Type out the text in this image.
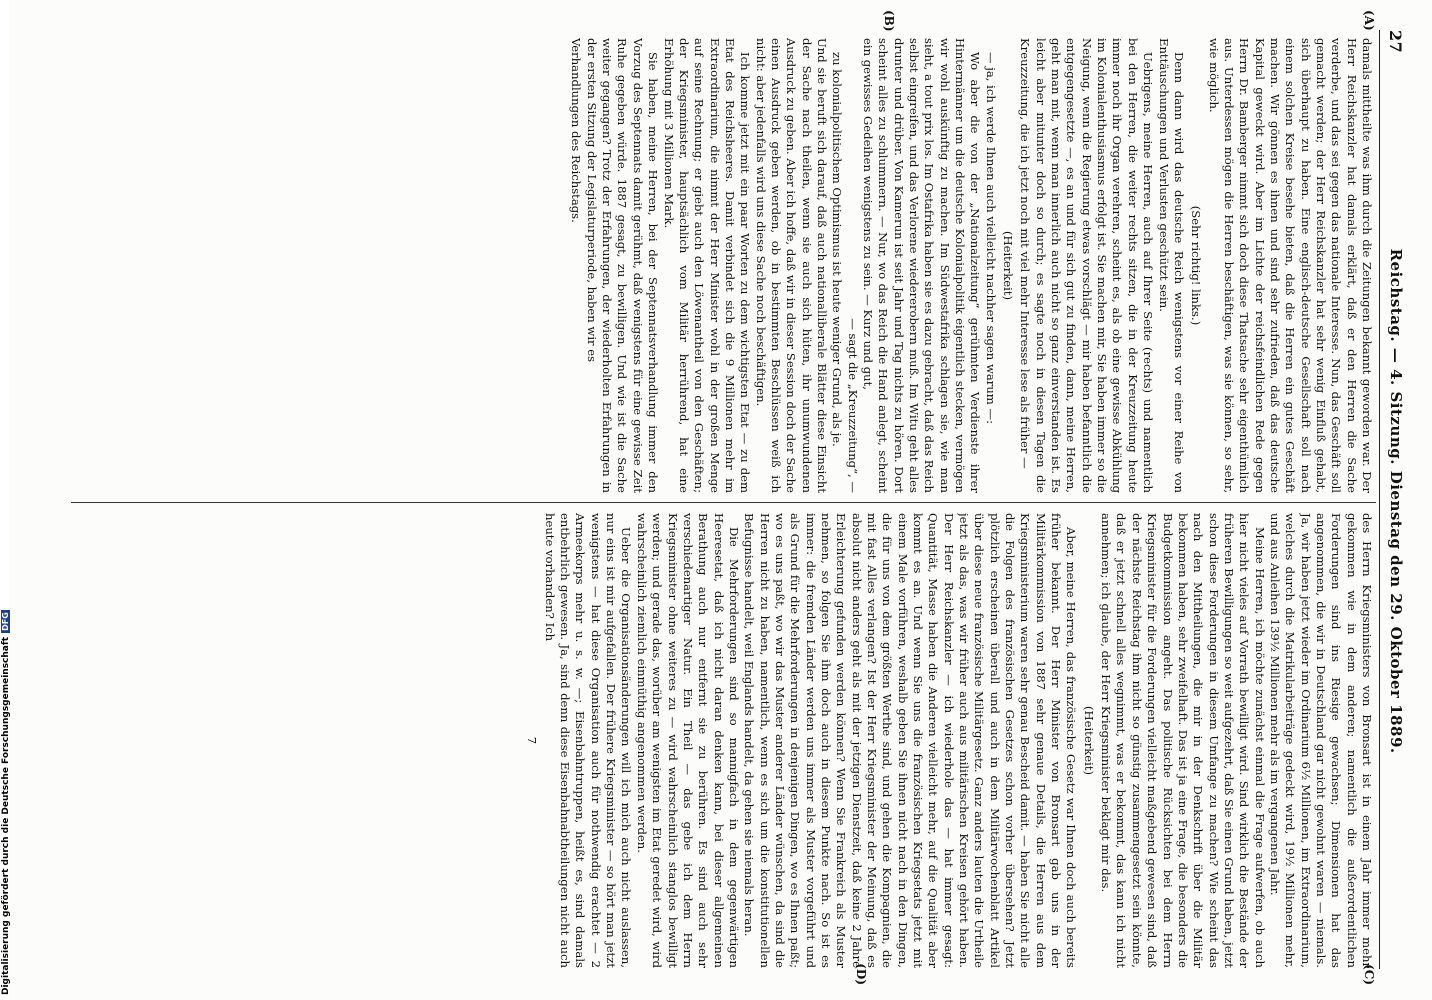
27
Reichstag. — 4. Sitzung. Dienstag den 29. Oktober 1889.
(C)
(D)
(A)
(B)

damals mittheilte was ihm durch die Zeitungen bekannt geworden war. Der Herr Reichskanzler hat damals erklärt, daß er den Herren die Sache verderbe, und das sei gegen das nationale Interesse. Nun, das Geschäft soll gemacht werden; der Herr Reichskanzler hat sehr wenig Einfluß gehabt, sich überhaupt zu haben. Eine englisch-deutsche Gesellschaft soll nach einem solchen Kreise besehe bieten, daß die Herren ein gutes Geschäft machen. Wir gönnen es ihnen und sind sehr zufrieden, daß das deutsche Kapital geweckt wird. Aber im Lichte der reichsfeindlichen Rede gegen Herrn Dr. Bamberger nimmt sich doch diese Thatsache sehr eigenthümlich aus. Unterdessen mögen die Herren beschäftigen, was sie können, so sehr, wie möglich.

(Sehr richtig! links.)

Denn dann wird das deutsche Reich wenigstens vor einer Reihe von Enttäuschungen und Verlusten geschützt sein.

Uebrigens, meine Herren, auch auf Ihrer Seite (rechts) und namentlich bei den Herren, die weiter rechts sitzen, die in der Kreuzzeitung heute immer noch ihr Organ verehren, scheint es, als ob eine gewisse Abkühlung im Kolonialenthusiasmus erfolgt ist. Sie machen mir, Sie haben immer so die Neigung, wenn die Regierung etwas vorschlägt — mir haben befanntlich die entgegengesetzte —, es an und für sich gut zu finden, dann, meine Herren, geht man mit, wenn man innerlich auch nicht so ganz einverstanden ist. Es leicht aber mitunter doch so durch; es sagte noch in diesen Tagen die Kreuzzeitung, die ich jetzt noch mit viel mehr Interesse lese als früher —

(Heiterkeit)

— ja, ich werde Ihnen auch vielleicht nachher sagen warum —:

Wo aber die von der „Nationalzeitung“ gerühmten Verdienste ihrer Hintermänner um die deutsche Kolonialpolitik eigentlich stecken, vermögen wir wohl auskünftig zu machen. Im Südwestafrika schlagen sie, wie man sieht, a tout prix los. Im Ostafrika haben sie es dazu gebracht, daß das Reich selbst eingreifen, und das Verlorene wiedererobern muß. Im Witu geht alles drunter und drüber. Von Kamerun ist seit Jahr und Tag nichts zu hören. Dort scheint alles zu schlummern. — Nur, wo das Reich die Hand anlegt, scheint ein gewisses Gedeihen wenigstens zu sein. — Kurz und gut,

— sagt die „Kreuzzeitung“, —

zu kolonialpolitischem Optimismus ist heute weniger Grund, als je.

Und sie beruft sich darauf, daß auch nationalliberale Blätter diese Einsicht der Sache nach theilen, wenn sie auch sich hüten, ihr unumwundenen Ausdruck zu geben. Aber ich hoffe, daß wir in dieser Session doch der Sache einen Ausdruck geben werden, ob in bestimmten Beschlüssen weiß ich nicht: aber jedenfalls wird uns diese Sache noch beschäftigen.

Ich komme jetzt mit ein paar Worten zu dem wichtigsten Etat — zu dem Etat des Reichsheeres. Damit verbindet sich die 9 Millionen mehr im Extraordinarium, die nimmt der Herr Minister wohl in der großen Menge auf seine Rechnung; er giebt auch den Löwenantheil von den Geschäften; der Kriegsminister, hauptsächlich vom Militär herrührend, hat eine Erhöhung mit 3 Millionen Mark.

Sie haben, meine Herren, bei der Septennatsverhandlung immer den Vorzug des Septennats damit gerühmt, daß wenigstens für eine gewisse Zeit Ruhe gegeben würde. 1887 gesagt, zu bewilligen. Und wie ist die Sache weiter gegangen? Trotz der Erfahrungen, der wiederholten Erfahrungen in der ersten Sitzung der Legislaturperiode, haben wir es

Verhandlungen des Reichstags.

des Herrn Kriegsministers von Bronsart ist in einem Jahr immer mehr gekommen wie in dem anderen; namentlich die außerordentlichen Forderungen sind ins Riesige gewachsen; Dimensionen hat das angenommen, die wir in Deutschland gar nicht gewohnt waren — niemals. Ja, wir haben jetzt wieder im Ordinarium 6½ Millionen, im Extraordinarium, welches durch die Matrikularbeiträge gedeckt wird, 19½ Millionen mehr, und aus Anleihen 139½ Millionen mehr als im vergangenen Jahr.

Meine Herren, ich möchte zunächst einmal die Frage aufwerfen, ob auch hier nicht vieles auf Vorrath bewilligt wird. Sind wirklich die Bestände der früheren Bewilligungen so weit aufgezehrt, daß Sie einen Grund haben, jetzt schon diese Forderungen in diesem Umfange zu machen? Wie scheint das nach den Mittheilungen, die mir in der Denkschrift über die Militär bekommen haben, sehr zweifelhaft. Das ist ja eine Frage, die besonders die Budgetkommission angeht. Das politische Rücksichten bei dem Herrn Kriegsminister für die Forderungen vielleicht maßgebend gewesen sind, daß der nächste Reichstag ihm nicht so günstig zusammengesetzt sein könnte, daß er jetzt schnell alles wegnimmt, was er bekommt, das kann ich nicht annehmen; ich glaube, der Herr Kriegsminister beklagt mir das.

(Heiterkeit)

Aber, meine Herren, das französische Gesetz war Ihnen doch auch bereits früher bekannt. Der Herr Minister von Bronsart gab uns in der Militärkommission von 1887 sehr genaue Details, die Herren aus dem Kriegsministerium waren sehr genau Bescheid damit. — haben Sie nicht alle die Folgen des französischen Gesetzes schon vorher übersehen? Jetzt plötzlich erscheinen überall und auch in dem Militärwochenblatt Artikel über diese neue französische Militärgesetz. Ganz anders lauten die Urtheile jetzt als das, was wir früher auch aus militärischen Kreisen gehört haben. Der Herr Reichskanzler — ich wiederhole das — hat immer gesagt: Quantität, Masse haben die Anderen vielleicht mehr, auf die Qualität aber kommt es an. Und wenn Sie uns die französischen Kriegsetats jetzt mit einem Male vorführen, weshalb geben Sie ihnen nicht nach in den Dingen, die für uns von dem größten Werthe sind, und gehen die Kompagnien, die mit fast Alles verlangen? Ist der Herr Kriegsminister der Meinung, daß es absolut nicht anders geht als mit der jetzigen Dienstzeit, daß keine 2 Jahre Erleichterung gefunden werden können? Wenn Sie Frankreich als Muster nehmen, so folgen Sie ihm doch auch in diesem Punkte nach. So ist es immer: die fremden Länder werden uns immer als Muster vorgeführt und als Grund für die Mehrforderungen in denjenigen Dingen, wo es Ihnen paßt; wo es uns paßt, wo wir das Muster anderer Länder wünschen, da sind die Herren nicht zu haben, namentlich, wenn es sich um die konstitutionellen Befugnisse handelt, weil Englands handelt, da gehen sie niemals heran.

Die Mehrforderungen sind so mannigfach in dem gegenwärtigen Heeresetat, daß ich nicht daran denken kann, bei dieser allgemeinen Berathung auch nur entfernt sie zu berühren. Es sind auch sehr verschiedenartiger Natur. Ein Theil — das gebe ich dem Herrn Kriegsminister ohne weiteres zu — wird wahrscheinlich stanglos bewilligt werden; und gerade das, worüber am wenigsten im Etat geredet wird, wird wahrscheinlich ziemlich einmüthig angenommen werden.

Ueber die Organisationsänderungen will ich mich auch nicht auslassen, nur eins ist mir aufgefallen. Der frühere Kriegsminister — so hört man jetzt wenigstens — hat diese Organisation auch für nothwendig erachtet — 2 Armeekorps mehr u. s. w. —; Eisenbahntruppen, heißt es, sind damals entbehrlich gewesen. Ja, sind denn diese Eisenbahnabtheilungen nicht auch heute vorhanden? Ich

7

Digitalisierung gefördert durch die Deutsche ForschungsgemeinschaftDFG
